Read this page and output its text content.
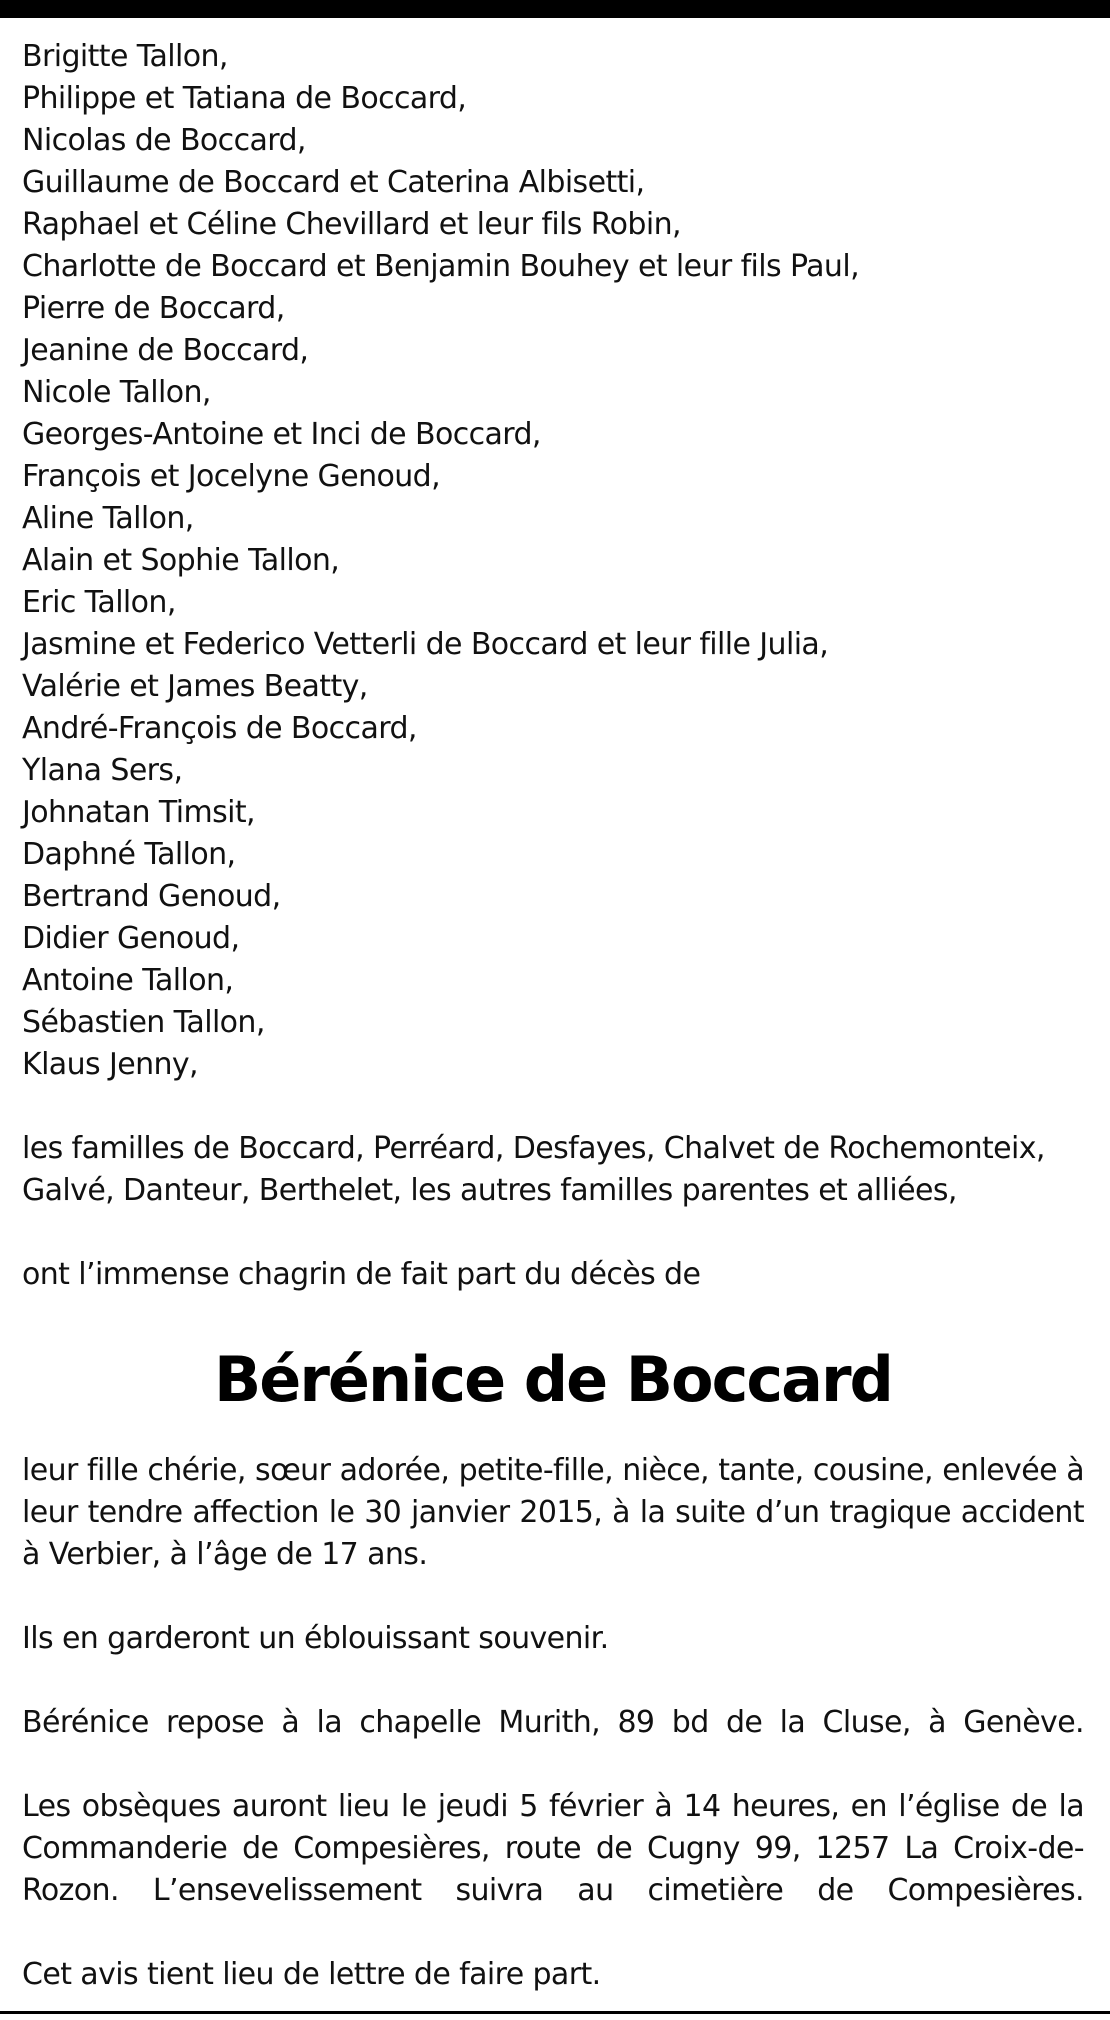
Brigitte Tallon,
Philippe et Tatiana de Boccard,
Nicolas de Boccard,
Guillaume de Boccard et Caterina Albisetti,
Raphael et Céline Chevillard et leur fils Robin,
Charlotte de Boccard et Benjamin Bouhey et leur fils Paul,
Pierre de Boccard,
Jeanine de Boccard,
Nicole Tallon,
Georges-Antoine et Inci de Boccard,
François et Jocelyne Genoud,
Aline Tallon,
Alain et Sophie Tallon,
Eric Tallon,
Jasmine et Federico Vetterli de Boccard et leur fille Julia,
Valérie et James Beatty,
André-François de Boccard,
Ylana Sers,
Johnatan Timsit,
Daphné Tallon,
Bertrand Genoud,
Didier Genoud,
Antoine Tallon,
Sébastien Tallon,
Klaus Jenny,

les familles de Boccard, Perréard, Desfayes, Chalvet de Rochemonteix, Galvé, Danteur, Berthelet, les autres familles parentes et alliées,

ont l’immense chagrin de fait part du décès de

Bérénice de Boccard

leur fille chérie, sœur adorée, petite-fille, nièce, tante, cousine, enlevée à leur tendre affection le 30 janvier 2015, à la suite d’un tragique accident à Verbier, à l’âge de 17 ans.

Ils en garderont un éblouissant souvenir.

Bérénice repose à la chapelle Murith, 89 bd de la Cluse, à Genève.

Les obsèques auront lieu le jeudi 5 février à 14 heures, en l’église de la Commanderie de Compesières, route de Cugny 99, 1257 La Croix-de-Rozon. L’ensevelissement suivra au cimetière de Compesières.

Cet avis tient lieu de lettre de faire part.
